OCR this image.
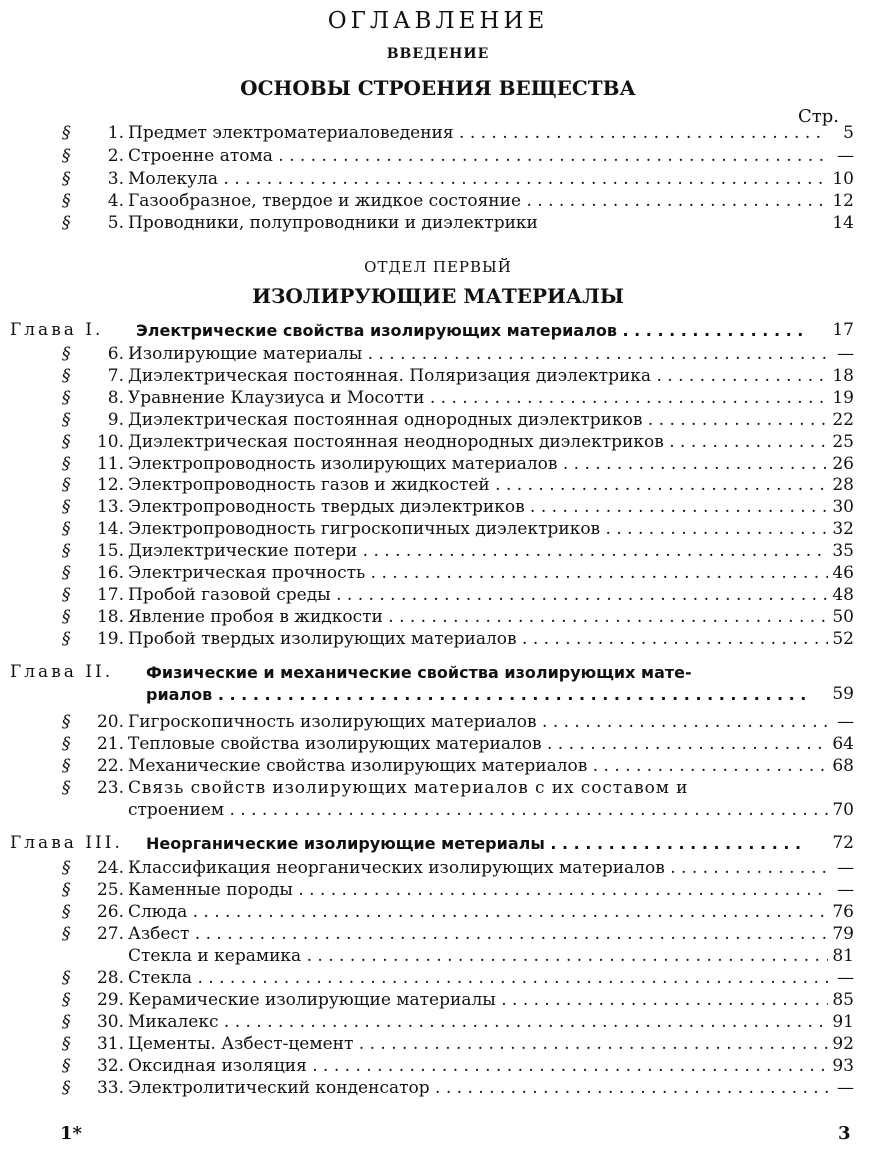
ОГЛАВЛЕНИЕ
ВВЕДЕНИЕ
ОСНОВЫ СТРОЕНИЯ ВЕЩЕСТВА
Стр.
§	1. Предмет электроматериаловедения . . .	5
§	2. Строенне атома . . .	—
§	3. Молекула . . .	10
§	4. Газообразное, твердое и жидкое состояние . . .	12
§	5. Проводники, полупроводники и диэлектрики	14
ОТДЕЛ ПЕРВЫЙ
ИЗОЛИРУЮЩИЕ МАТЕРИАЛЫ
Глава I. Электрические свойства изолирующих материалов . . .	17
§	6. Изолирующие материалы . . .	—
§	7. Диэлектрическая постоянная. Поляризация диэлектрика . . .	18
§	8. Уравнение Клаузиуса и Мосотти . . .	19
§	9. Диэлектрическая постоянная однородных диэлектриков . . .	22
§	10. Диэлектрическая постоянная неоднородных диэлектриков . . .	25
§	11. Электропроводность изолирующих материалов . . .	26
§	12. Электропроводность газов и жидкостей . . .	28
§	13. Электропроводность твердых диэлектриков . . .	30
§	14. Электропроводность гигроскопичных диэлектриков . . .	32
§	15. Диэлектрические потери . . .	35
§	16. Электрическая прочность . . .	46
§	17. Пробой газовой среды . . .	48
§	18. Явление пробоя в жидкости . . .	50
§	19. Пробой твердых изолирующих материалов . . .	52
Глава II. Физические и механические свойства изолирующих мате-
риалов . . .	59
§	20. Гигроскопичность изолирующих материалов . . .	—
§	21. Тепловые свойства изолирующих материалов . . .	64
§	22. Механические свойства изолирующих материалов . . .	68
§	23. Связь свойств изолирующих материалов с их составом и
строением . . .	70
Глава III. Неорганические изолирующие метериалы . . .	72
§	24. Классификация неорганических изолирующих материалов . . .	—
§	25. Каменные породы . . .	—
§	26. Слюда . . .	76
§	27. Азбест . . .	79
Стекла и керамика . . .	81
§	28. Стекла . . .	—
§	29. Керамические изолирующие материалы . . .	85
§	30. Микалекс . . .	91
§	31. Цементы. Азбест-цемент . . .	92
§	32. Оксидная изоляция . . .	93
§	33. Электролитический конденсатор . . .	—
1*	3
